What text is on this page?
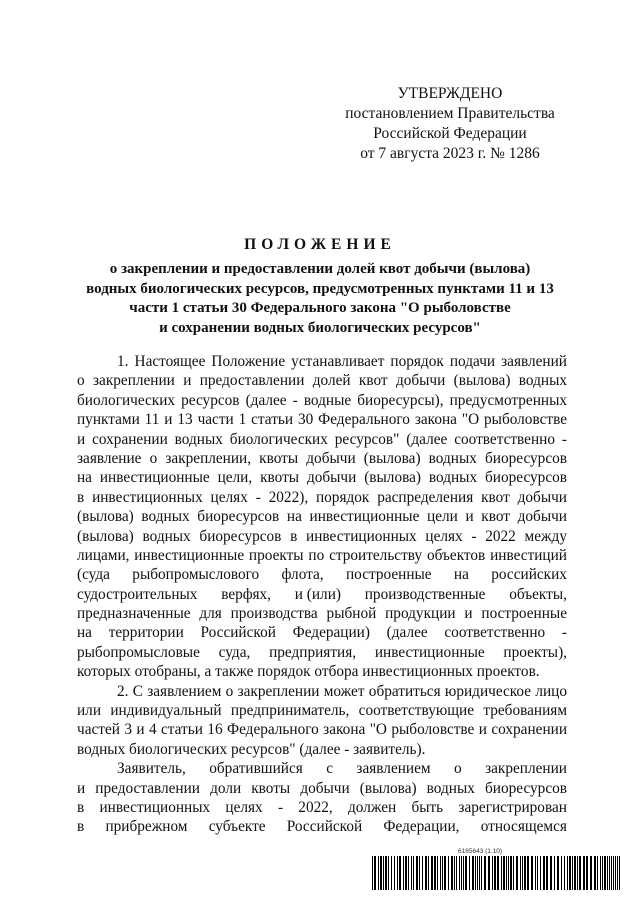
УТВЕРЖДЕНО
постановлением Правительства
Российской Федерации
от 7 августа 2023 г. № 1286
ПОЛОЖЕНИЕ
о закреплении и предоставлении долей квот добычи (вылова)
водных биологических ресурсов, предусмотренных пунктами 11 и 13
части 1 статьи 30 Федерального закона "О рыболовстве
и сохранении водных биологических ресурсов"
1. Настоящее Положение устанавливает порядок подачи заявлений
о закреплении и предоставлении долей квот добычи (вылова) водных
биологических ресурсов (далее - водные биоресурсы), предусмотренных
пунктами 11 и 13 части 1 статьи 30 Федерального закона "О рыболовстве
и сохранении водных биологических ресурсов" (далее соответственно -
заявление о закреплении, квоты добычи (вылова) водных биоресурсов
на инвестиционные цели, квоты добычи (вылова) водных биоресурсов
в инвестиционных целях - 2022), порядок распределения квот добычи
(вылова) водных биоресурсов на инвестиционные цели и квот добычи
(вылова) водных биоресурсов в инвестиционных целях - 2022 между
лицами, инвестиционные проекты по строительству объектов инвестиций
(суда рыбопромыслового флота, построенные на российских
судостроительных верфях, и (или) производственные объекты,
предназначенные для производства рыбной продукции и построенные
на территории Российской Федерации) (далее соответственно -
рыбопромысловые суда, предприятия, инвестиционные проекты),
которых отобраны, а также порядок отбора инвестиционных проектов.
2. С заявлением о закреплении может обратиться юридическое лицо
или индивидуальный предприниматель, соответствующие требованиям
частей 3 и 4 статьи 16 Федерального закона "О рыболовстве и сохранении
водных биологических ресурсов" (далее - заявитель).
Заявитель, обратившийся с заявлением о закреплении
и предоставлении доли квоты добычи (вылова) водных биоресурсов
в инвестиционных целях - 2022, должен быть зарегистрирован
в прибрежном субъекте Российской Федерации, относящемся
6185643 (1.10)
